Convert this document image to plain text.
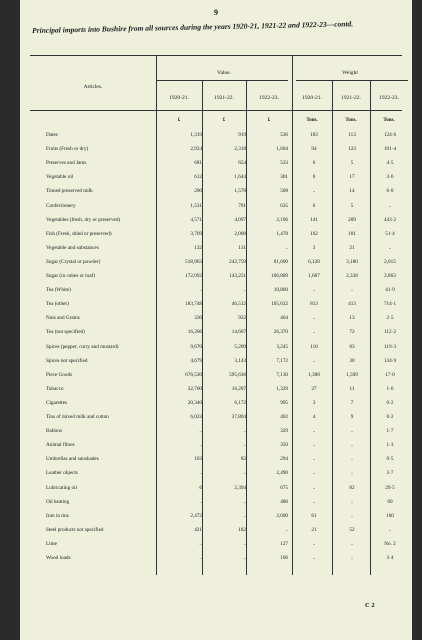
9
Principal imports into Bushire from all sources during the years 1920-21, 1921-22 and 1922-23—contd.
Articles.
Value.	Weight
1920-21.	1921-22.	1922-23.	1920-21.	1921-22.	1922-23.
£	£	£	Tons.	Tons.	Tons.
Dates	1,319	919	536	103	113	124·6
Fruits (Fresh or dry)	2,924	2,318	1,604	94	123	101·4
Preserves and Jams	681	654	533	6	5	4·5
Vegetable oil	612	1,644	301	6	17	3·6
Tinned preserved milk	200	1,578	508	..	14	6·0
Confectionery	1,531	701	635	6	5	..
Vegetables (fresh, dry or preserved)	4,571	4,097	2,106	141	209	443·2
Fish (Fresh, dried or preserved)	3,769	2,000	1,478	162	101	51·4
Vegetable and substances	132	131	..	3	21	..
Sugar (Crystal or powder)	518,963	242,759	81,600	6,128	3,180	2,015
Sugar (in cubes or loaf)	172,092	143,251	106,809	1,687	2,338	2,863
Tea (White)	..	..	10,860	..	..	41·9
Tea (other)	183,748	46,512	105,632	813	413	714·1
Nuts and Grains	330	922	464	..	13	2·5
Tea (not specified)	16,266	14,667	26,370	..	72	112·2
Spices (pepper, curry and mustard)	9,670	5,209	3,245	116	83	119·3
Spices not specified	4,679	3,143	7,172	..	30	134·9
Piece Goods	676,530	595,636	7,130	1,388	1,509	17·0
Tobacco	32,760	16,207	1,329	27	11	1·6
Cigarettes	20,340	6,172	995	3	7	0·2
Tins of mixed milk and cotton	6,023	37,804	402	4	9	0·2
Ballons	..	..	329	..	..	1·7
Animal fibres	..	..	350	..	..	1·3
Umbrellas and sunshades	163	82	294	..	..	0·5
Leather objects	..	..	2,490	..	..	3·7
Lubricating oil	6	2,394	675	..	82	29·5
Oil heating	..	..	480	..	..	60
Iron in tins	2,472	..	2,600	61	..	160
Steel products not specified	421	182	..	21	52	..
Lime	..	..	127	..	..	No. 2
Wood loads	..	..	106	..	..	3·4
C 2
